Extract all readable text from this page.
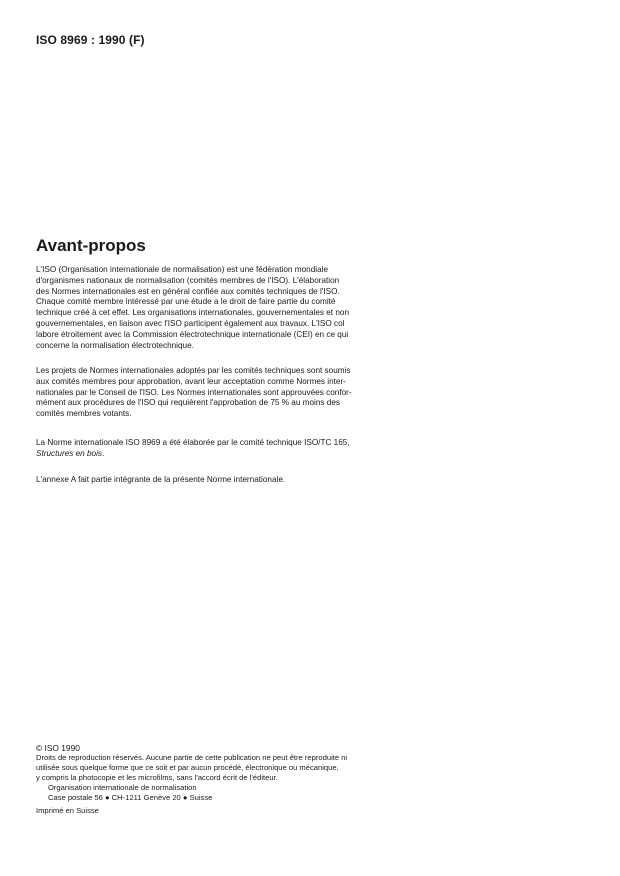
ISO 8969 : 1990 (F)
Avant-propos

L'ISO (Organisation internationale de normalisation) est une fédération mondiale
d'organismes nationaux de normalisation (comités membres de l'ISO). L'élaboration
des Normes internationales est en général confiée aux comités techniques de l'ISO.
Chaque comité membre intéressé par une étude a le droit de faire partie du comité
technique créé à cet effet. Les organisations internationales, gouvernementales et non
gouvernementales, en liaison avec l'ISO participent également aux travaux. L'ISO col
labore étroitement avec la Commission électrotechnique internationale (CEI) en ce qui
concerne la normalisation électrotechnique.

Les projets de Normes internationales adoptés par les comités techniques sont soumis
aux comités membres pour approbation, avant leur acceptation comme Normes inter-
nationales par le Conseil de l'ISO. Les Normes internationales sont approuvées confor-
mément aux procédures de l'ISO qui requièrent l'approbation de 75 % au moins des
comités membres votants.

La Norme internationale ISO 8969 a été élaborée par le comité technique ISO/TC 165,
Structures en bois.

L'annexe A fait partie intégrante de la présente Norme internationale.

© ISO 1990
Droits de reproduction réservés. Aucune partie de cette publication ne peut être reproduite ni
utilisée sous quelque forme que ce soit et par aucun procédé, électronique ou mécanique,
y compris la photocopie et les microfilms, sans l'accord écrit de l'éditeur.
Organisation internationale de normalisation
Case postale 56 ● CH-1211 Genève 20 ● Suisse
Imprimé en Suisse
